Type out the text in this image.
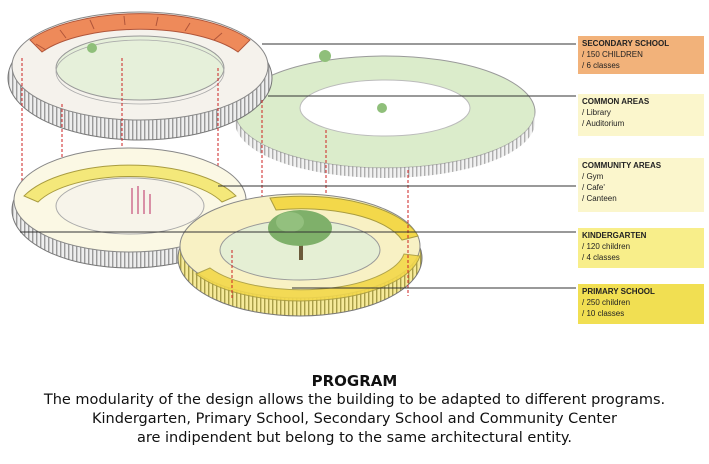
SECONDARY SCHOOL
/ 150 CHILDREN
/ 6 classes
COMMON AREAS
/ Library
/ Auditorium
COMMUNITY AREAS
/ Gym
/ Cafe'
/ Canteen
KINDERGARTEN
/ 120 children
/ 4 classes
PRIMARY SCHOOL
/ 250 children
/ 10 classes
PROGRAM
The modularity of the design allows the building to be adapted to different programs.
Kindergarten, Primary School, Secondary School and Community Center
are indipendent but belong to the same architectural entity.
